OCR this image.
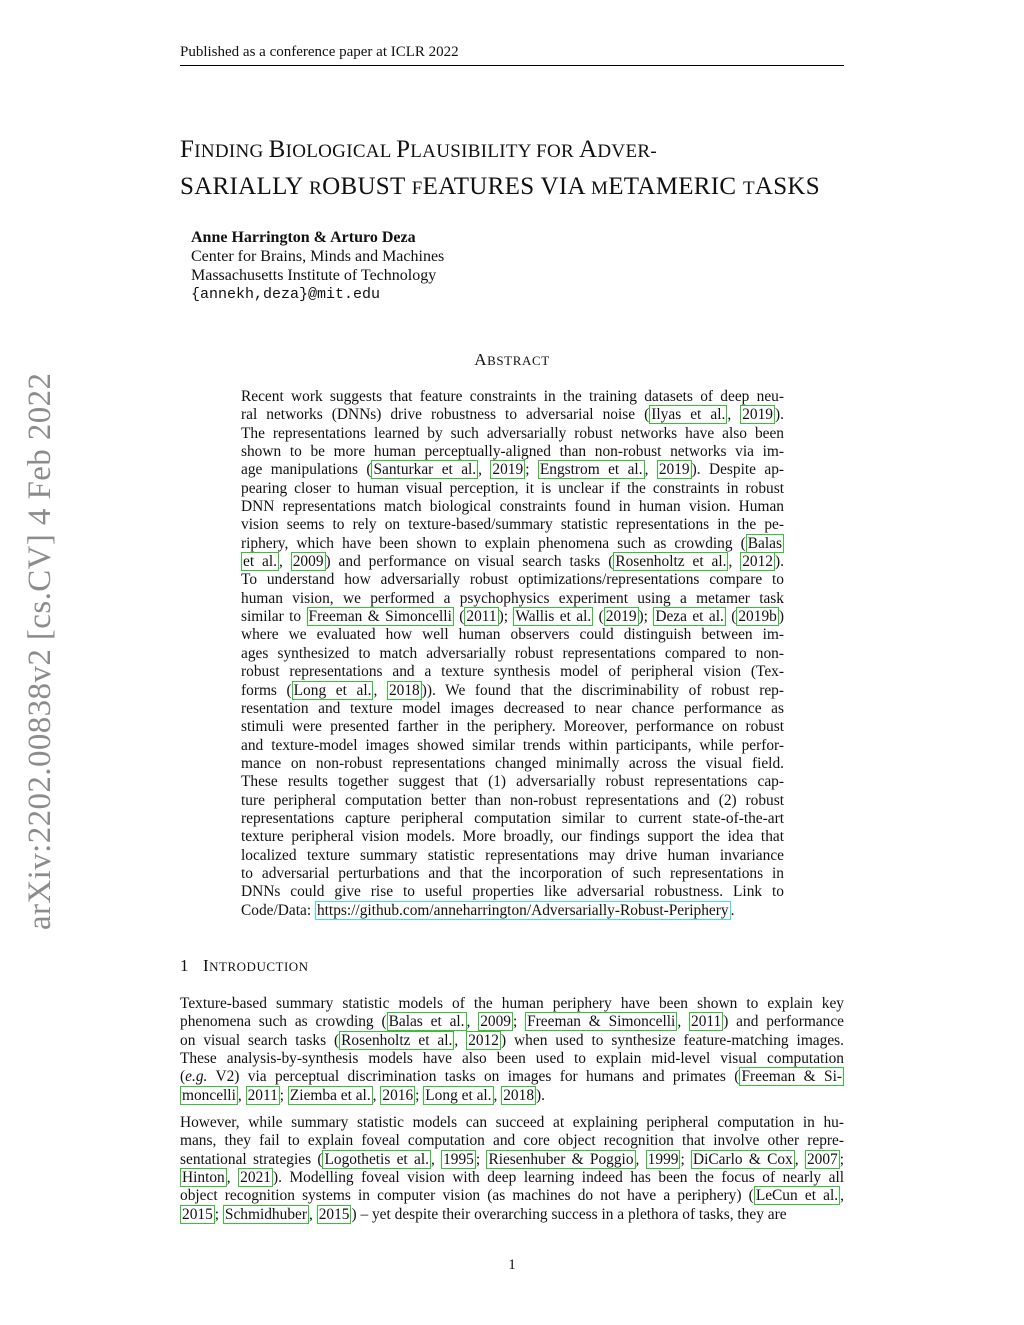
Published as a conference paper at ICLR 2022
FINDING BIOLOGICAL PLAUSIBILITY FOR ADVER-
SARIALLY ROBUST FEATURES VIA METAMERIC TASKS
Anne Harrington & Arturo Deza
Center for Brains, Minds and Machines
Massachusetts Institute of Technology
{annekh,deza}@mit.edu
arXiv:2202.00838v2 [cs.CV] 4 Feb 2022
ABSTRACT

Recent work suggests that feature constraints in the training datasets of deep neu-
ral networks (DNNs) drive robustness to adversarial noise ( Ilyas et al. , 2019 ).
The representations learned by such adversarially robust networks have also been
shown to be more human perceptually-aligned than non-robust networks via im-
age manipulations ( Santurkar et al. , 2019 ; Engstrom et al. , 2019 ). Despite ap-
pearing closer to human visual perception, it is unclear if the constraints in robust
DNN representations match biological constraints found in human vision. Human
vision seems to rely on texture-based/summary statistic representations in the pe-
riphery, which have been shown to explain phenomena such as crowding ( Balas
et al. , 2009 ) and performance on visual search tasks ( Rosenholtz et al. , 2012 ).
To understand how adversarially robust optimizations/representations compare to
human vision, we performed a psychophysics experiment using a metamer task
similar to Freeman & Simoncelli ( 2011 ); Wallis et al. ( 2019 ); Deza et al. ( 2019b )
where we evaluated how well human observers could distinguish between im-
ages synthesized to match adversarially robust representations compared to non-
robust representations and a texture synthesis model of peripheral vision (Tex-
forms ( Long et al. , 2018 )). We found that the discriminability of robust rep-
resentation and texture model images decreased to near chance performance as
stimuli were presented farther in the periphery. Moreover, performance on robust
and texture-model images showed similar trends within participants, while perfor-
mance on non-robust representations changed minimally across the visual field.
These results together suggest that (1) adversarially robust representations cap-
ture peripheral computation better than non-robust representations and (2) robust
representations capture peripheral computation similar to current state-of-the-art
texture peripheral vision models. More broadly, our findings support the idea that
localized texture summary statistic representations may drive human invariance
to adversarial perturbations and that the incorporation of such representations in
DNNs could give rise to useful properties like adversarial robustness. Link to
Code/Data: https://github.com/anneharrington/Adversarially-Robust-Periphery .

1 INTRODUCTION

Texture-based summary statistic models of the human periphery have been shown to explain key
phenomena such as crowding ( Balas et al. , 2009 ; Freeman & Simoncelli , 2011 ) and performance
on visual search tasks ( Rosenholtz et al. , 2012 ) when used to synthesize feature-matching images.
These analysis-by-synthesis models have also been used to explain mid-level visual computation
(e.g. V2) via perceptual discrimination tasks on images for humans and primates ( Freeman & Si-
moncelli , 2011 ; Ziemba et al. , 2016 ; Long et al. , 2018 ).

However, while summary statistic models can succeed at explaining peripheral computation in hu-
mans, they fail to explain foveal computation and core object recognition that involve other repre-
sentational strategies ( Logothetis et al. , 1995 ; Riesenhuber & Poggio , 1999 ; DiCarlo & Cox , 2007 ;
Hinton , 2021 ). Modelling foveal vision with deep learning indeed has been the focus of nearly all
object recognition systems in computer vision (as machines do not have a periphery) ( LeCun et al. ,
2015 ; Schmidhuber , 2015 ) – yet despite their overarching success in a plethora of tasks, they are

1
